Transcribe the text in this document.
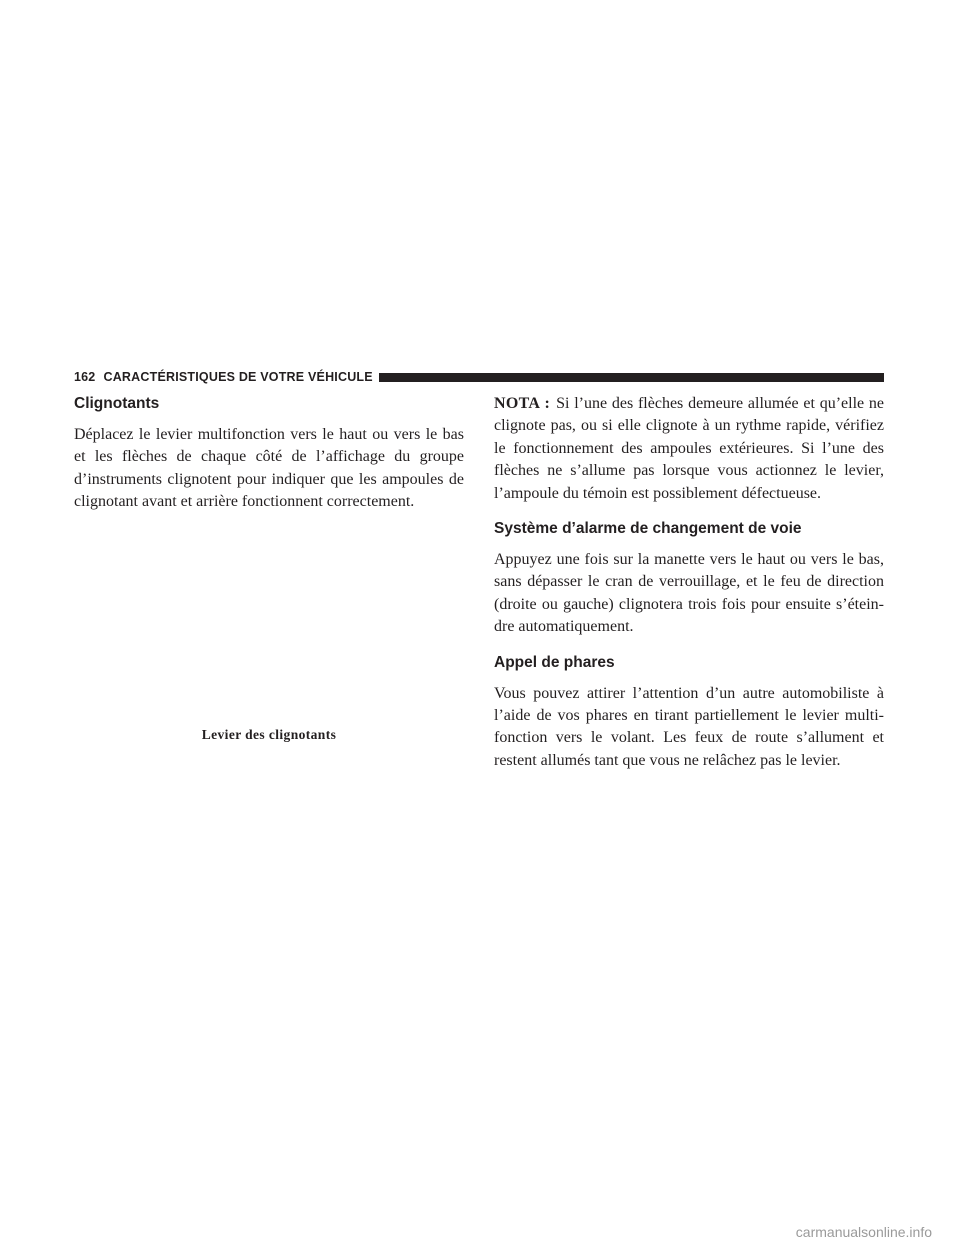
162 CARACTÉRISTIQUES DE VOTRE VÉHICULE
Clignotants

Déplacez le levier multifonction vers le haut ou vers le bas et les flèches de chaque côté de l’affichage du groupe d’instruments clignotent pour indiquer que les ampoules de clignotant avant et arrière fonctionnent correctement.

Levier des clignotants

NOTA : Si l’une des flèches demeure allumée et qu’elle ne clignote pas, ou si elle clignote à un rythme rapide, vérifiez le fonctionnement des ampoules extérieures. Si l’une des flèches ne s’allume pas lorsque vous actionnez le levier, l’ampoule du témoin est possiblement défectueuse.

Système d’alarme de changement de voie

Appuyez une fois sur la manette vers le haut ou vers le bas, sans dépasser le cran de verrouillage, et le feu de direction (droite ou gauche) clignotera trois fois pour ensuite s’éteindre automatiquement.

Appel de phares

Vous pouvez attirer l’attention d’un autre automobiliste à l’aide de vos phares en tirant partiellement le levier multifonction vers le volant. Les feux de route s’allument et restent allumés tant que vous ne relâchez pas le levier.

carmanualsonline.info
